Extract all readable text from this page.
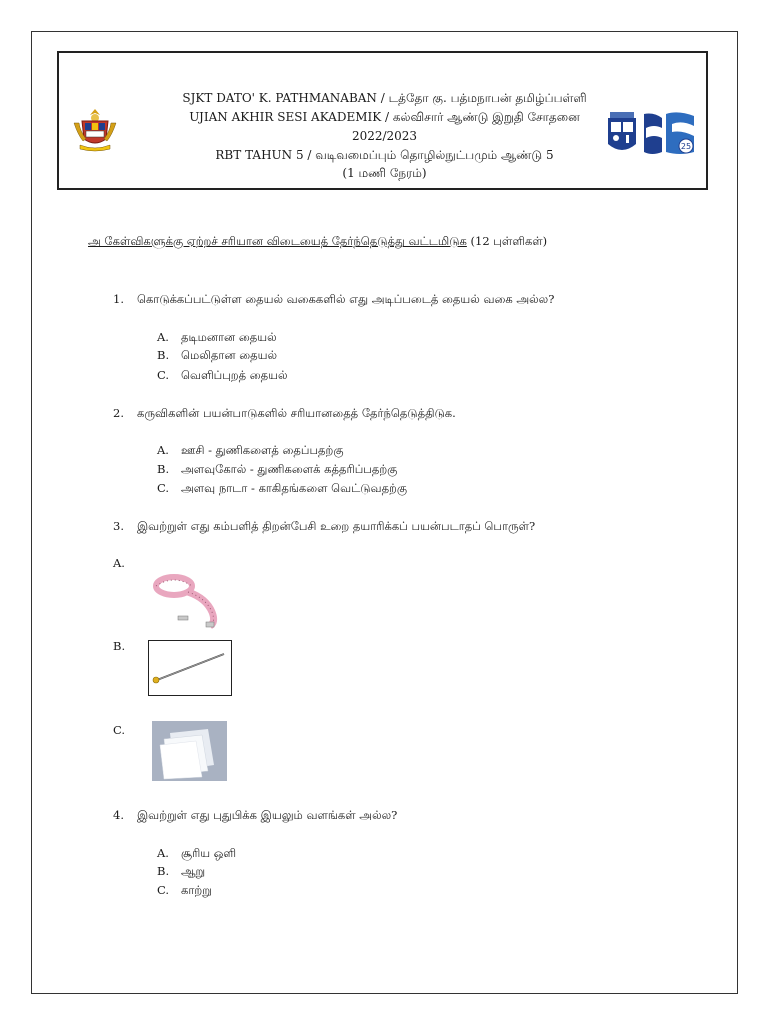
SJKT DATO' K. PATHMANABAN / டத்தோ கு. பத்மநாபன் தமிழ்ப்பள்ளி
UJIAN AKHIR SESI AKADEMIK / கல்விசார் ஆண்டு இறுதி சோதனை
2022/2023
RBT TAHUN 5 / வடிவமைப்பும் தொழில்நுட்பமும் ஆண்டு 5
(1 மணி நேரம்)
25
அ கேள்விகளுக்கு ஏற்றச் சரியான விடையைத் தேர்ந்தெடுத்து வட்டமிடுக (12 புள்ளிகள்)
1.	கொடுக்கப்பட்டுள்ள தையல் வகைகளில் எது அடிப்படைத் தையல் வகை அல்ல?
A. தடிமனான தையல்
B. மெலிதான தையல்
C. வெளிப்புறத் தையல்
2.	கருவிகளின் பயன்பாடுகளில் சரியானதைத் தேர்ந்தெடுத்திடுக.
A. ஊசி - துணிகளைத் தைப்பதற்கு
B. அளவுகோல் - துணிகளைக் கத்தரிப்பதற்கு
C. அளவு நாடா - காகிதங்களை வெட்டுவதற்கு
3.	இவற்றுள் எது கம்பளித் திறன்பேசி உறை தயாரிக்கப் பயன்படாதப் பொருள்?
A.
B.
C.
4.	இவற்றுள் எது புதுபிக்க இயலும் வளங்கள் அல்ல?
A. சூரிய ஒளி
B. ஆறு
C. காற்று
